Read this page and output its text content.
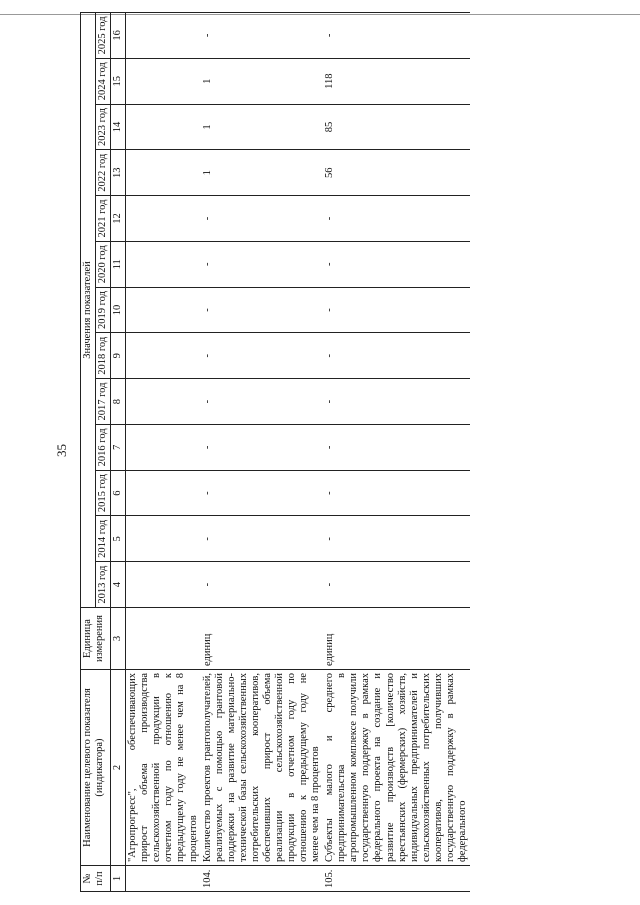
35
№ п/п	Наименование целевого показателя (индикатора)	Единица измерения	Значения показателей												
			2013 год	2014 год	2015 год	2016 год	2017 год	2018 год	2019 год	2020 год	2021 год	2022 год	2023 год	2024 год	2025 год
1	2	3	4	5	6	7	8	9	10	11	12	13	14	15	16
	"Агропрогресс", обеспечивающих прирост объема производства сельскохозяйственной продукции в отчетном году по отношению к предыдущему году не менее чем на 8 процентов														
104.	Количество проектов грантополучателей, реализуемых с помощью грантовой поддержки на развитие материально-технической базы сельскохозяйственных потребительских кооперативов, обеспечивших прирост объема реализации сельскохозяйственной продукции в отчетном году по отношению к предыдущему году не менее чем на 8 процентов	единиц	-	-	-	-	-	-	-	-	-	1	1	1	-
105.	Субъекты малого и среднего предпринимательства в агропромышленном комплексе получили государственную поддержку в рамках федерального проекта на создание и развитие производств [количество крестьянских (фермерских) хозяйств, индивидуальных предпринимателей и сельскохозяйственных потребительских кооперативов, получивших государственную поддержку в рамках федерального	единиц	-	-	-	-	-	-	-	-	-	56	85	118	-
